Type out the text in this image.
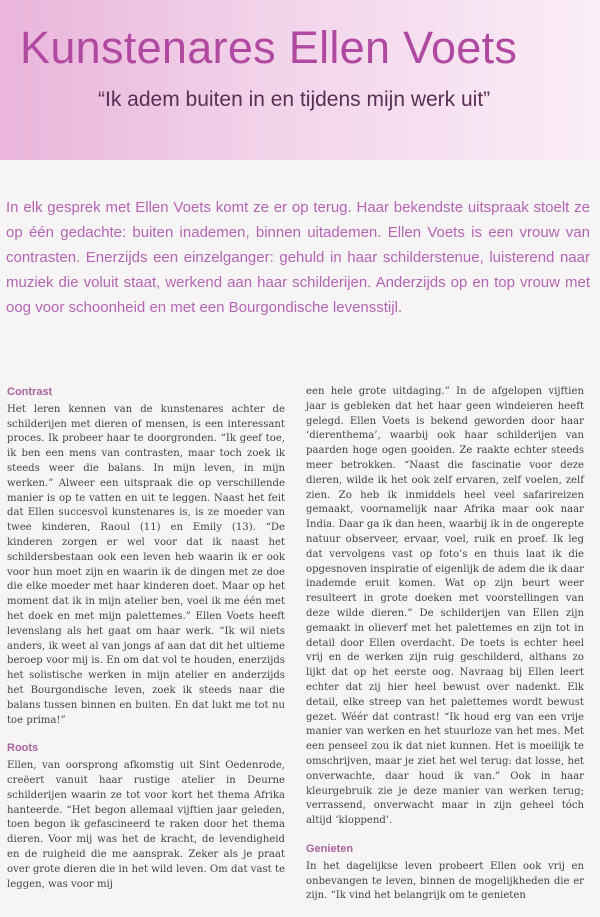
Kunstenares Ellen Voets
“Ik adem buiten in en tijdens mijn werk uit”
In elk gesprek met Ellen Voets komt ze er op terug. Haar bekendste uitspraak stoelt ze op één gedachte: buiten inademen, binnen uitademen. Ellen Voets is een vrouw van contrasten. Enerzijds een einzelganger: gehuld in haar schilderstenue, luisterend naar muziek die voluit staat, werkend aan haar schilderijen. Anderzijds op en top vrouw met oog voor schoonheid en met een Bourgondische levensstijl.
Contrast

Het leren kennen van de kunstenares achter de schilderijen met dieren of mensen, is een interessant proces. Ik probeer haar te doorgronden. “Ik geef toe, ik ben een mens van contrasten, maar toch zoek ik steeds weer die balans. In mijn leven, in mijn werken.” Alweer een uitspraak die op verschillende manier is op te vatten en uit te leggen. Naast het feit dat Ellen succesvol kunstenares is, is ze moeder van twee kinderen, Raoul (11) en Emily (13). “De kinderen zorgen er wel voor dat ik naast het schildersbestaan ook een leven heb waarin ik er ook voor hun moet zijn en waarin ik de dingen met ze doe die elke moeder met haar kinderen doet. Maar op het moment dat ik in mijn atelier ben, voel ik me één met het doek en met mijn palettemes.” Ellen Voets heeft levenslang als het gaat om haar werk. “Ik wil niets anders, ik weet al van jongs af aan dat dit het ultieme beroep voor mij is. En om dat vol te houden, enerzijds het solistische werken in mijn atelier en anderzijds het Bourgondische leven, zoek ik steeds naar die balans tussen binnen en buiten. En dat lukt me tot nu toe prima!”

Roots

Ellen, van oorsprong afkomstig uit Sint Oedenrode, creëert vanuit haar rustige atelier in Deurne schilderijen waarin ze tot voor kort het thema Afrika hanteerde. “Het begon allemaal vijftien jaar geleden, toen begon ik gefascineerd te raken door het thema dieren. Voor mij was het de kracht, de levendigheid en de ruigheid die me aansprak. Zeker als je praat over grote dieren die in het wild leven. Om dat vast te leggen, was voor mij

een hele grote uitdaging.” In de afgelopen vijftien jaar is gebleken dat het haar geen windeieren heeft gelegd. Ellen Voets is bekend geworden door haar ‘dierenthema’, waarbij ook haar schilderijen van paarden hoge ogen gooiden. Ze raakte echter steeds meer betrokken. “Naast die fascinatie voor deze dieren, wilde ik het ook zelf ervaren, zelf voelen, zelf zien. Zo heb ik inmiddels heel veel safarireizen gemaakt, voornamelijk naar Afrika maar ook naar India. Daar ga ik dan heen, waarbij ik in de ongerepte natuur observeer, ervaar, voel, ruik en proef. Ik leg dat vervolgens vast op foto’s en thuis laat ik die opgesnoven inspiratie of eigenlijk de adem die ik daar inademde eruit komen. Wat op zijn beurt weer resulteert in grote doeken met voorstellingen van deze wilde dieren.” De schilderijen van Ellen zijn gemaakt in olieverf met het palettemes en zijn tot in detail door Ellen overdacht. De toets is echter heel vrij en de werken zijn ruig geschilderd, althans zo lijkt dat op het eerste oog. Navraag bij Ellen leert echter dat zij hier heel bewust over nadenkt. Elk detail, elke streep van het palettemes wordt bewust gezet. Wéér dat contrast! “Ik houd erg van een vrije manier van werken en het stuurloze van het mes. Met een penseel zou ik dat niet kunnen. Het is moeilijk te omschrijven, maar je ziet het wel terug: dat losse, het onverwachte, daar houd ik van.” Ook in haar kleurgebruik zie je deze manier van werken terug; verrassend, onverwacht maar in zijn geheel tóch altijd ‘kloppend’.

Genieten

In het dagelijkse leven probeert Ellen ook vrij en onbevangen te leven, binnen de mogelijkheden die er zijn. “Ik vind het belangrijk om te genieten
